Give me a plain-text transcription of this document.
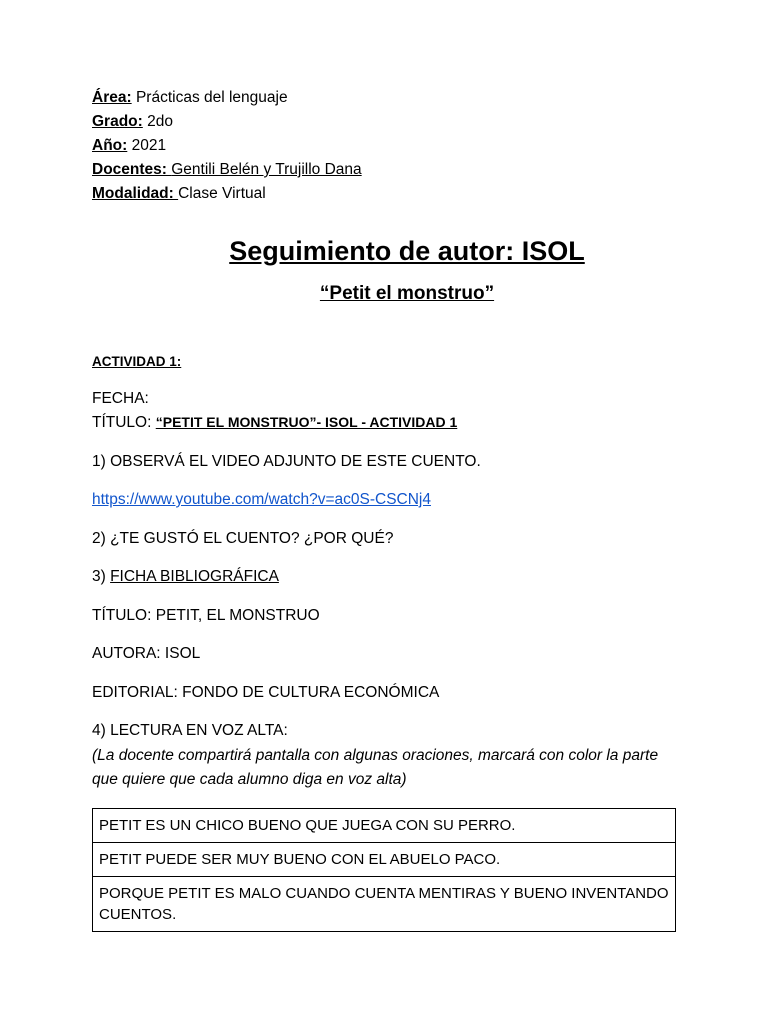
Área: Prácticas del lenguaje
Grado: 2do
Año: 2021
Docentes: Gentili Belén y Trujillo Dana
Modalidad: Clase Virtual
Seguimiento de autor: ISOL
“Petit el monstruo”
ACTIVIDAD 1:
FECHA:
TÍTULO: “PETIT EL MONSTRUO”- ISOL - ACTIVIDAD 1
1) OBSERVÁ EL VIDEO ADJUNTO DE ESTE CUENTO.
https://www.youtube.com/watch?v=ac0S-CSCNj4
2) ¿TE GUSTÓ EL CUENTO? ¿POR QUÉ?
3) FICHA BIBLIOGRÁFICA
TÍTULO: PETIT, EL MONSTRUO
AUTORA: ISOL
EDITORIAL: FONDO DE CULTURA ECONÓMICA
4) LECTURA EN VOZ ALTA:
(La docente compartirá pantalla con algunas oraciones, marcará con color la parte que quiere que cada alumno diga en voz alta)
PETIT ES UN CHICO BUENO QUE JUEGA CON SU PERRO.
PETIT PUEDE SER MUY BUENO CON EL ABUELO PACO.
PORQUE PETIT ES MALO CUANDO CUENTA MENTIRAS Y BUENO INVENTANDO CUENTOS.
